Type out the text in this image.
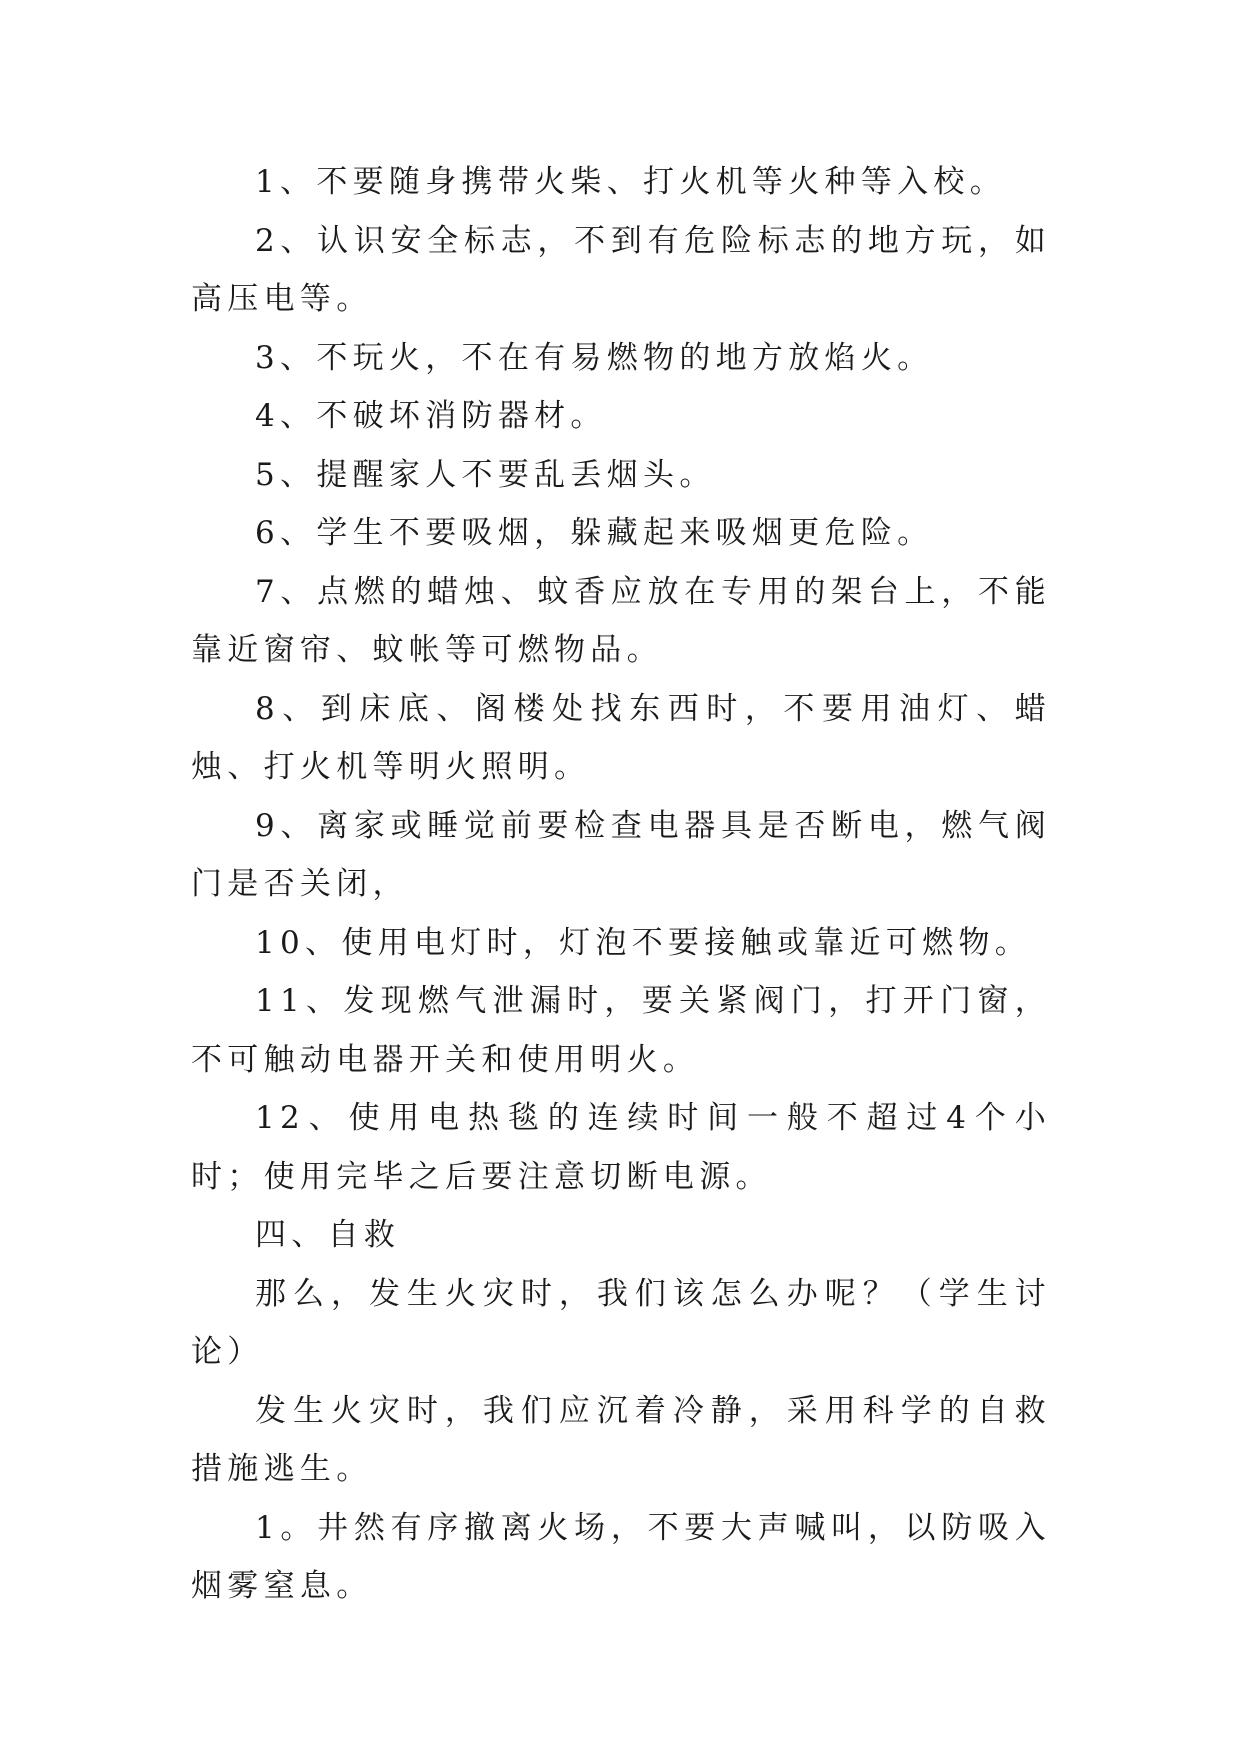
1、不要随身携带火柴、打火机等火种等入校。

2、认识安全标志，不到有危险标志的地方玩，如高压电等。

3、不玩火，不在有易燃物的地方放焰火。

4、不破坏消防器材。

5、提醒家人不要乱丢烟头。

6、学生不要吸烟，躲藏起来吸烟更危险。

7、点燃的蜡烛、蚊香应放在专用的架台上，不能靠近窗帘、蚊帐等可燃物品。

8、到床底、阁楼处找东西时，不要用油灯、蜡烛、打火机等明火照明。

9、离家或睡觉前要检查电器具是否断电，燃气阀门是否关闭，

10、使用电灯时，灯泡不要接触或靠近可燃物。

11、发现燃气泄漏时，要关紧阀门，打开门窗，不可触动电器开关和使用明火。

12、使用电热毯的连续时间一般不超过4个小时；使用完毕之后要注意切断电源。

四、自救

那么，发生火灾时，我们该怎么办呢？（学生讨论）

发生火灾时，我们应沉着冷静，采用科学的自救措施逃生。

1。井然有序撤离火场，不要大声喊叫，以防吸入烟雾窒息。
